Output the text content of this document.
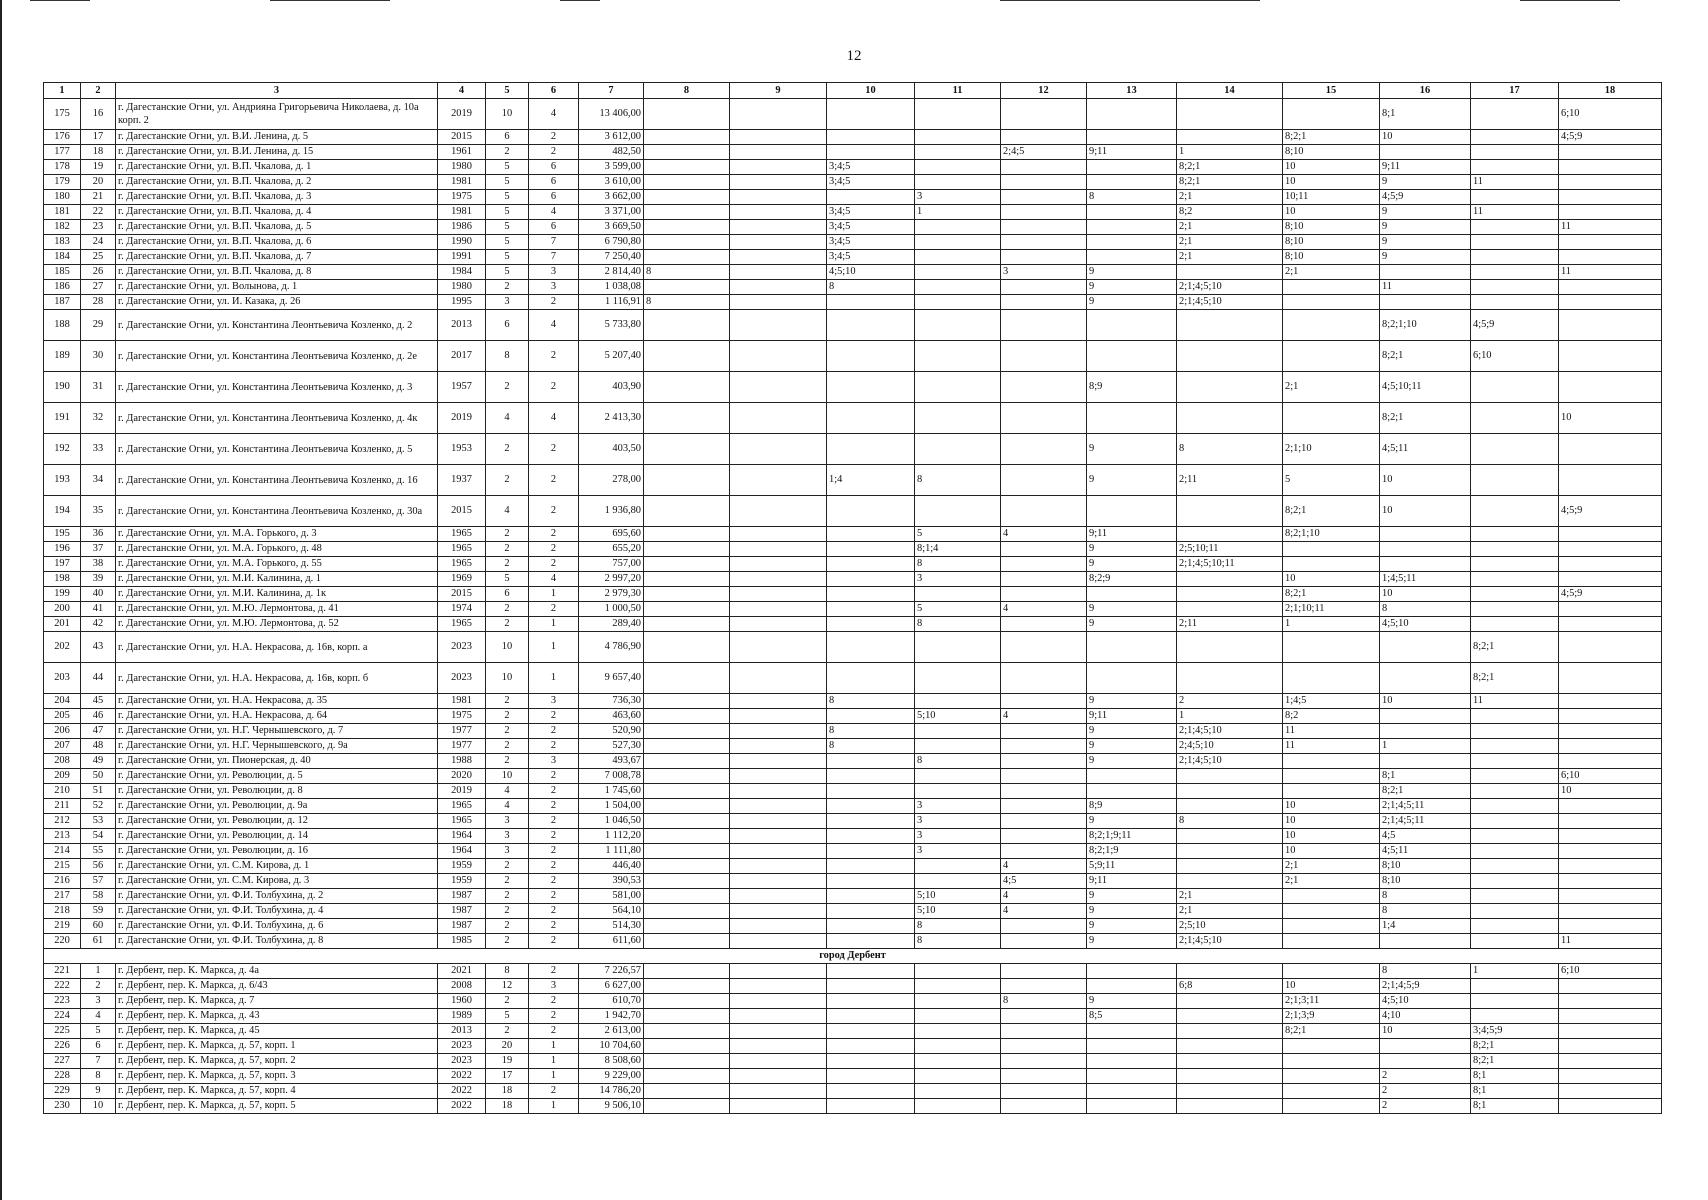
12
1	2	3	4	5	6	7	8	9	10	11	12	13	14	15	16	17	18
175	16	г. Дагестанские Огни, ул. Андрияна Григорьевича Николаева, д. 10а корп. 2	2019	10	4	13 406,00									8;1		6;10
176	17	г. Дагестанские Огни, ул. В.И. Ленина, д. 5	2015	6	2	3 612,00								8;2;1	10		4;5;9
177	18	г. Дагестанские Огни, ул. В.И. Ленина, д. 15	1961	2	2	482,50					2;4;5	9;11	1	8;10			
178	19	г. Дагестанские Огни, ул. В.П. Чкалова, д. 1	1980	5	6	3 599,00			3;4;5				8;2;1	10	9;11		
179	20	г. Дагестанские Огни, ул. В.П. Чкалова, д. 2	1981	5	6	3 610,00			3;4;5				8;2;1	10	9	11	
180	21	г. Дагестанские Огни, ул. В.П. Чкалова, д. 3	1975	5	6	3 662,00				3		8	2;1	10;11	4;5;9		
181	22	г. Дагестанские Огни, ул. В.П. Чкалова, д. 4	1981	5	4	3 371,00			3;4;5	1			8;2	10	9	11	
182	23	г. Дагестанские Огни, ул. В.П. Чкалова, д. 5	1986	5	6	3 669,50			3;4;5				2;1	8;10	9		11
183	24	г. Дагестанские Огни, ул. В.П. Чкалова, д. 6	1990	5	7	6 790,80			3;4;5				2;1	8;10	9		
184	25	г. Дагестанские Огни, ул. В.П. Чкалова, д. 7	1991	5	7	7 250,40			3;4;5				2;1	8;10	9		
185	26	г. Дагестанские Огни, ул. В.П. Чкалова, д. 8	1984	5	3	2 814,40	8		4;5;10		3	9		2;1			11
186	27	г. Дагестанские Огни, ул. Волынова, д. 1	1980	2	3	1 038,08			8			9	2;1;4;5;10		11		
187	28	г. Дагестанские Огни, ул. И. Казака, д. 26	1995	3	2	1 116,91	8					9	2;1;4;5;10				
188	29	г. Дагестанские Огни, ул. Константина Леонтьевича Козленко, д. 2	2013	6	4	5 733,80									8;2;1;10	4;5;9	
189	30	г. Дагестанские Огни, ул. Константина Леонтьевича Козленко, д. 2е	2017	8	2	5 207,40									8;2;1	6;10	
190	31	г. Дагестанские Огни, ул. Константина Леонтьевича Козленко, д. 3	1957	2	2	403,90						8;9		2;1	4;5;10;11		
191	32	г. Дагестанские Огни, ул. Константина Леонтьевича Козленко, д. 4к	2019	4	4	2 413,30									8;2;1		10
192	33	г. Дагестанские Огни, ул. Константина Леонтьевича Козленко, д. 5	1953	2	2	403,50						9	8	2;1;10	4;5;11		
193	34	г. Дагестанские Огни, ул. Константина Леонтьевича Козленко, д. 16	1937	2	2	278,00			1;4	8		9	2;11	5	10		
194	35	г. Дагестанские Огни, ул. Константина Леонтьевича Козленко, д. 30а	2015	4	2	1 936,80								8;2;1	10		4;5;9
195	36	г. Дагестанские Огни, ул. М.А. Горького, д. 3	1965	2	2	695,60				5	4	9;11		8;2;1;10			
196	37	г. Дагестанские Огни, ул. М.А. Горького, д. 48	1965	2	2	655,20				8;1;4		9	2;5;10;11				
197	38	г. Дагестанские Огни, ул. М.А. Горького, д. 55	1965	2	2	757,00				8		9	2;1;4;5;10;11				
198	39	г. Дагестанские Огни, ул. М.И. Калинина, д. 1	1969	5	4	2 997,20				3		8;2;9		10	1;4;5;11		
199	40	г. Дагестанские Огни, ул. М.И. Калинина, д. 1к	2015	6	1	2 979,30								8;2;1	10		4;5;9
200	41	г. Дагестанские Огни, ул. М.Ю. Лермонтова, д. 41	1974	2	2	1 000,50				5	4	9		2;1;10;11	8		
201	42	г. Дагестанские Огни, ул. М.Ю. Лермонтова, д. 52	1965	2	1	289,40				8		9	2;11	1	4;5;10		
202	43	г. Дагестанские Огни, ул. Н.А. Некрасова, д. 16в, корп. а	2023	10	1	4 786,90										8;2;1	
203	44	г. Дагестанские Огни, ул. Н.А. Некрасова, д. 16в, корп. б	2023	10	1	9 657,40										8;2;1	
204	45	г. Дагестанские Огни, ул. Н.А. Некрасова, д. 35	1981	2	3	736,30			8			9	2	1;4;5	10	11	
205	46	г. Дагестанские Огни, ул. Н.А. Некрасова, д. 64	1975	2	2	463,60				5;10	4	9;11	1	8;2			
206	47	г. Дагестанские Огни, ул. Н.Г. Чернышевского, д. 7	1977	2	2	520,90			8			9	2;1;4;5;10	11			
207	48	г. Дагестанские Огни, ул. Н.Г. Чернышевского, д. 9а	1977	2	2	527,30			8			9	2;4;5;10	11	1		
208	49	г. Дагестанские Огни, ул. Пионерская, д. 40	1988	2	3	493,67				8		9	2;1;4;5;10				
209	50	г. Дагестанские Огни, ул. Революции, д. 5	2020	10	2	7 008,78									8;1		6;10
210	51	г. Дагестанские Огни, ул. Революции, д. 8	2019	4	2	1 745,60									8;2;1		10
211	52	г. Дагестанские Огни, ул. Революции, д. 9а	1965	4	2	1 504,00				3		8;9		10	2;1;4;5;11		
212	53	г. Дагестанские Огни, ул. Революции, д. 12	1965	3	2	1 046,50				3		9	8	10	2;1;4;5;11		
213	54	г. Дагестанские Огни, ул. Революции, д. 14	1964	3	2	1 112,20				3		8;2;1;9;11		10	4;5		
214	55	г. Дагестанские Огни, ул. Революции, д. 16	1964	3	2	1 111,80				3		8;2;1;9		10	4;5;11		
215	56	г. Дагестанские Огни, ул. С.М. Кирова, д. 1	1959	2	2	446,40					4	5;9;11		2;1	8;10		
216	57	г. Дагестанские Огни, ул. С.М. Кирова, д. 3	1959	2	2	390,53					4;5	9;11		2;1	8;10		
217	58	г. Дагестанские Огни, ул. Ф.И. Толбухина, д. 2	1987	2	2	581,00				5;10	4	9	2;1		8		
218	59	г. Дагестанские Огни, ул. Ф.И. Толбухина, д. 4	1987	2	2	564,10				5;10	4	9	2;1		8		
219	60	г. Дагестанские Огни, ул. Ф.И. Толбухина, д. 6	1987	2	2	514,30				8		9	2;5;10		1;4		
220	61	г. Дагестанские Огни, ул. Ф.И. Толбухина, д. 8	1985	2	2	611,60				8		9	2;1;4;5;10				11
город Дербент																	
221	1	г. Дербент, пер. К. Маркса, д. 4а	2021	8	2	7 226,57									8	1	6;10
222	2	г. Дербент, пер. К. Маркса, д. 6/43	2008	12	3	6 627,00							6;8	10	2;1;4;5;9		
223	3	г. Дербент, пер. К. Маркса, д. 7	1960	2	2	610,70					8	9		2;1;3;11	4;5;10		
224	4	г. Дербент, пер. К. Маркса, д. 43	1989	5	2	1 942,70						8;5		2;1;3;9	4;10		
225	5	г. Дербент, пер. К. Маркса, д. 45	2013	2	2	2 613,00								8;2;1	10	3;4;5;9	
226	6	г. Дербент, пер. К. Маркса, д. 57, корп. 1	2023	20	1	10 704,60										8;2;1	
227	7	г. Дербент, пер. К. Маркса, д. 57, корп. 2	2023	19	1	8 508,60										8;2;1	
228	8	г. Дербент, пер. К. Маркса, д. 57, корп. 3	2022	17	1	9 229,00									2	8;1	
229	9	г. Дербент, пер. К. Маркса, д. 57, корп. 4	2022	18	2	14 786,20									2	8;1	
230	10	г. Дербент, пер. К. Маркса, д. 57, корп. 5	2022	18	1	9 506,10									2	8;1	
